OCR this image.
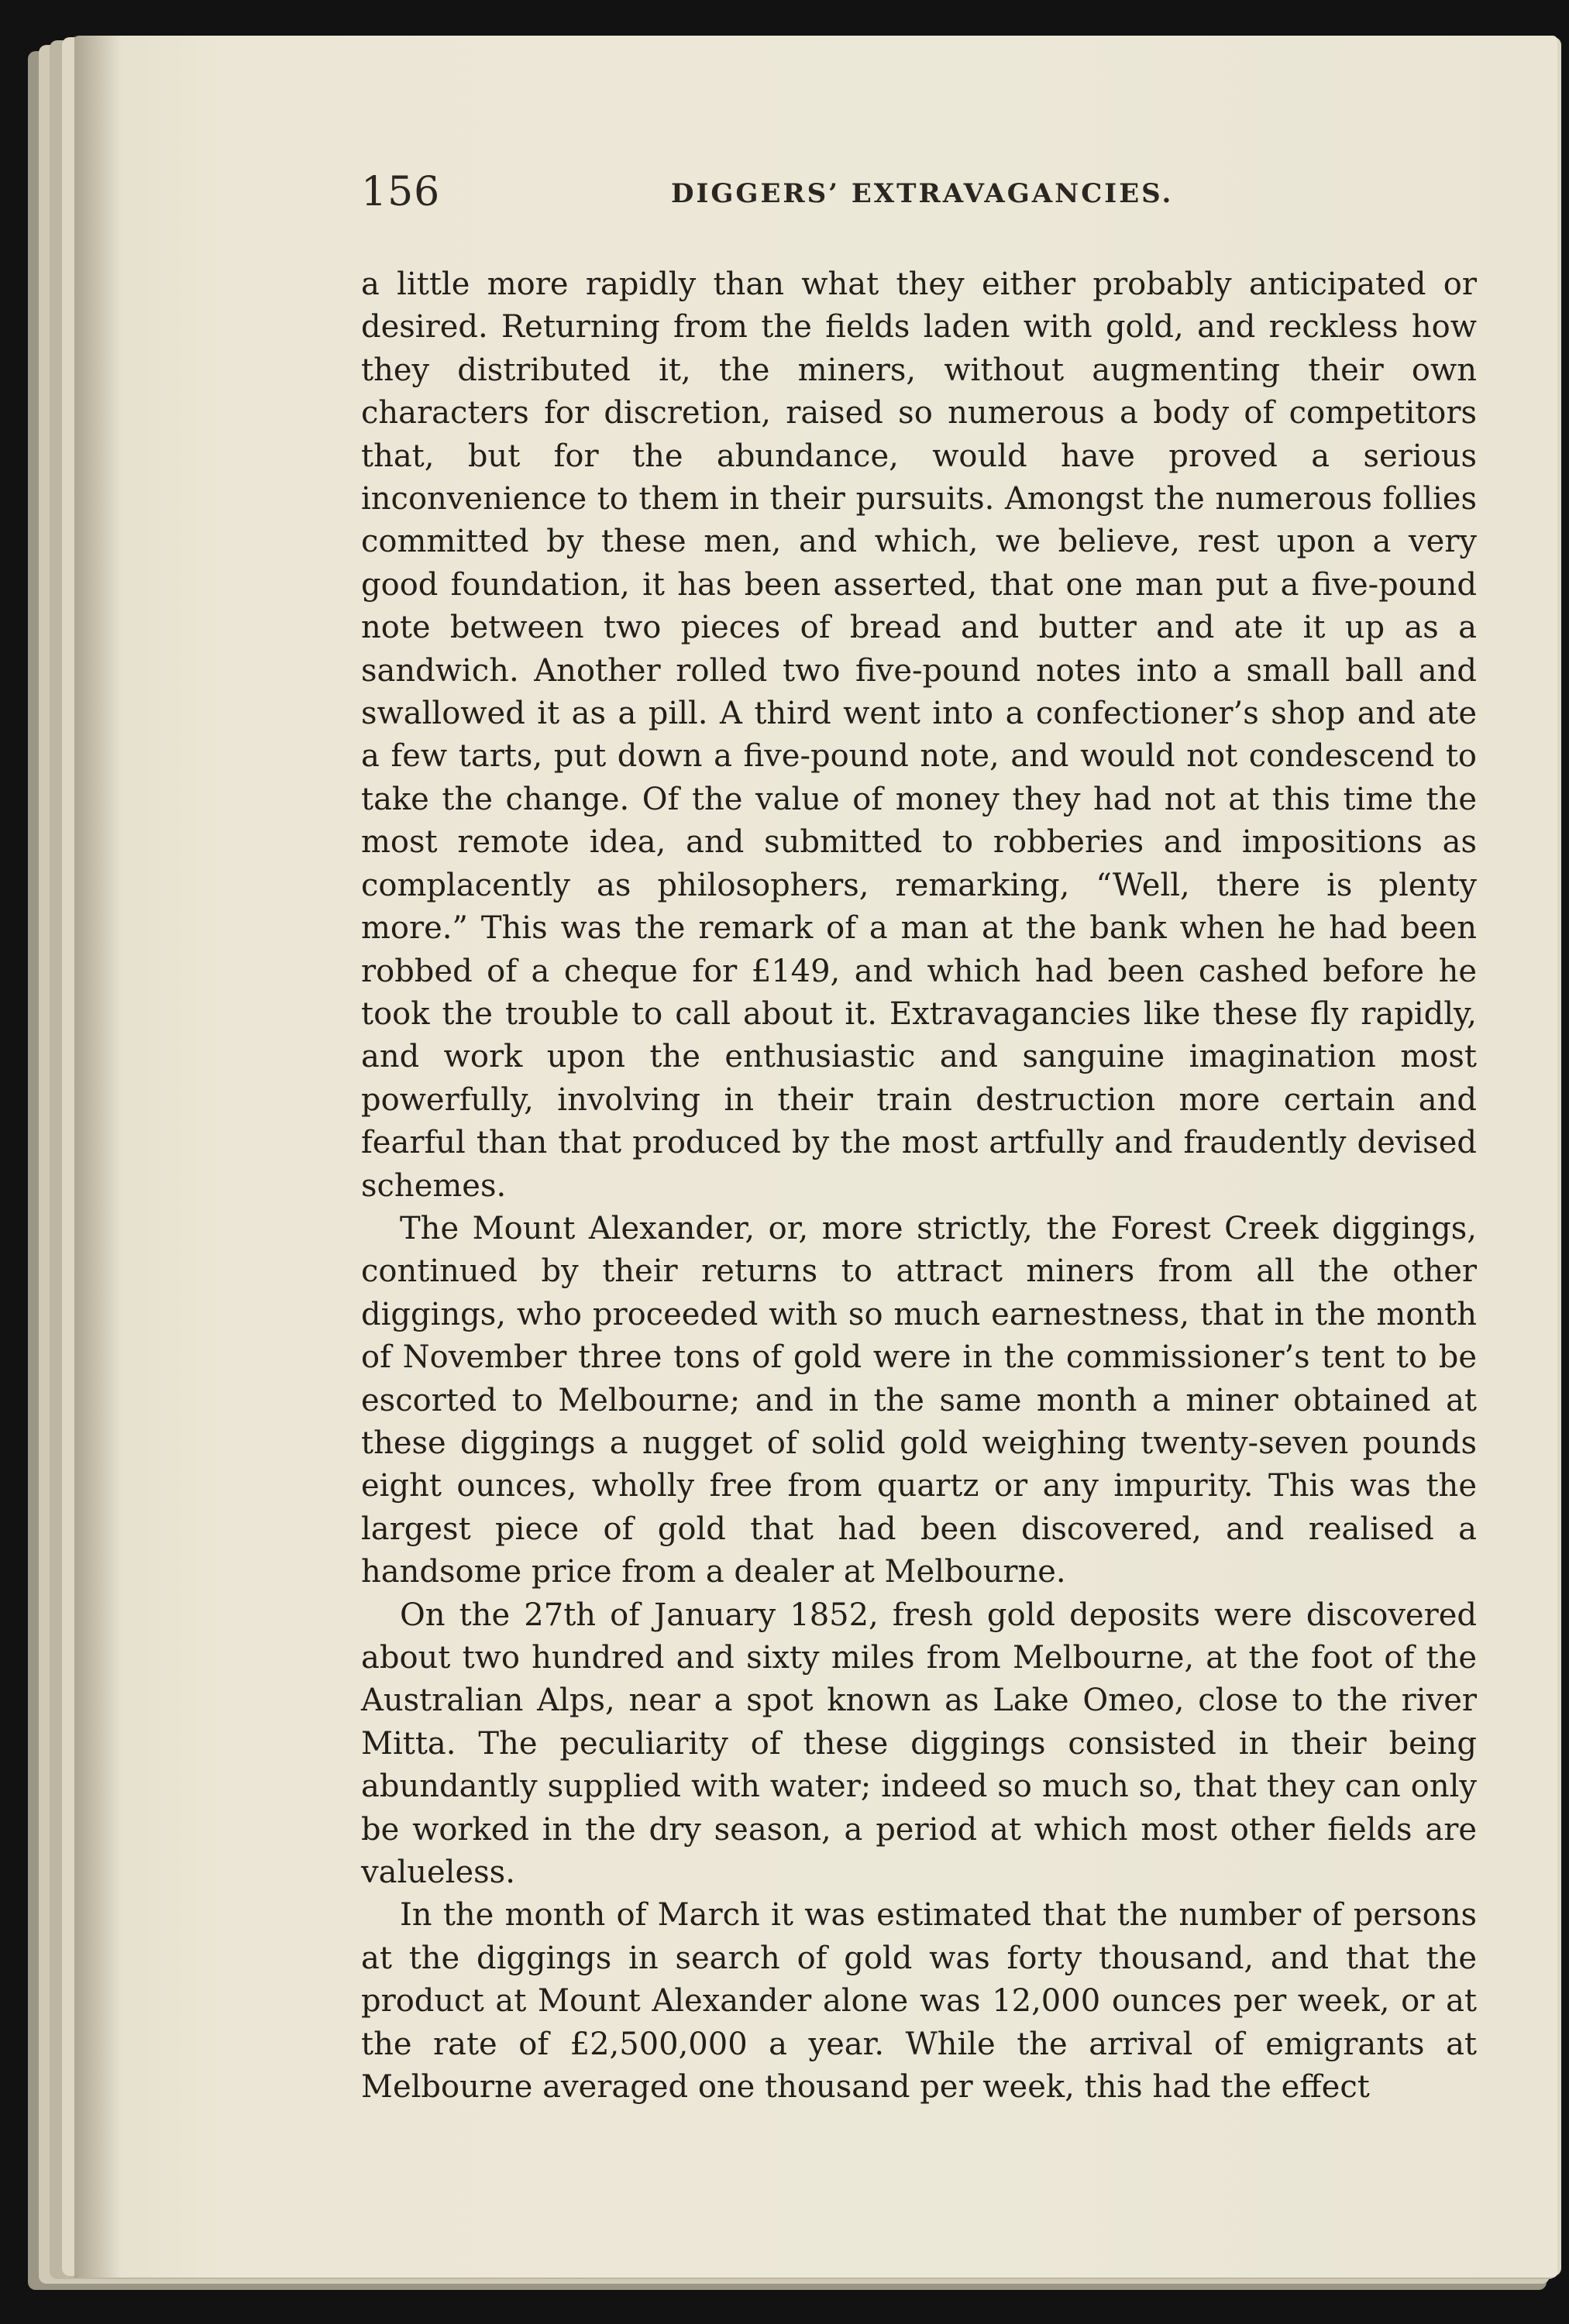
156	DIGGERS’ EXTRAVAGANCIES.

a little more rapidly than what they either probably anticipated or desired. Returning from the fields laden with gold, and reckless how they distributed it, the miners, without augmenting their own characters for discretion, raised so numerous a body of competitors that, but for the abundance, would have proved a serious inconvenience to them in their pursuits. Amongst the numerous follies committed by these men, and which, we believe, rest upon a very good foundation, it has been asserted, that one man put a five-pound note between two pieces of bread and butter and ate it up as a sandwich. Another rolled two five-pound notes into a small ball and swallowed it as a pill. A third went into a confectioner’s shop and ate a few tarts, put down a five-pound note, and would not condescend to take the change. Of the value of money they had not at this time the most remote idea, and submitted to robberies and impositions as complacently as philosophers, remarking, “Well, there is plenty more.” This was the remark of a man at the bank when he had been robbed of a cheque for £149, and which had been cashed before he took the trouble to call about it. Extravagancies like these fly rapidly, and work upon the enthusiastic and sanguine imagination most powerfully, involving in their train destruction more certain and fearful than that produced by the most artfully and fraudently devised schemes.

The Mount Alexander, or, more strictly, the Forest Creek diggings, continued by their returns to attract miners from all the other diggings, who proceeded with so much earnestness, that in the month of November three tons of gold were in the commissioner’s tent to be escorted to Melbourne; and in the same month a miner obtained at these diggings a nugget of solid gold weighing twenty-seven pounds eight ounces, wholly free from quartz or any impurity. This was the largest piece of gold that had been discovered, and realised a handsome price from a dealer at Melbourne.

On the 27th of January 1852, fresh gold deposits were discovered about two hundred and sixty miles from Melbourne, at the foot of the Australian Alps, near a spot known as Lake Omeo, close to the river Mitta. The peculiarity of these diggings consisted in their being abundantly supplied with water; indeed so much so, that they can only be worked in the dry season, a period at which most other fields are valueless.

In the month of March it was estimated that the number of persons at the diggings in search of gold was forty thousand, and that the product at Mount Alexander alone was 12,000 ounces per week, or at the rate of £2,500,000 a year. While the arrival of emigrants at Melbourne averaged one thousand per week, this had the effect
